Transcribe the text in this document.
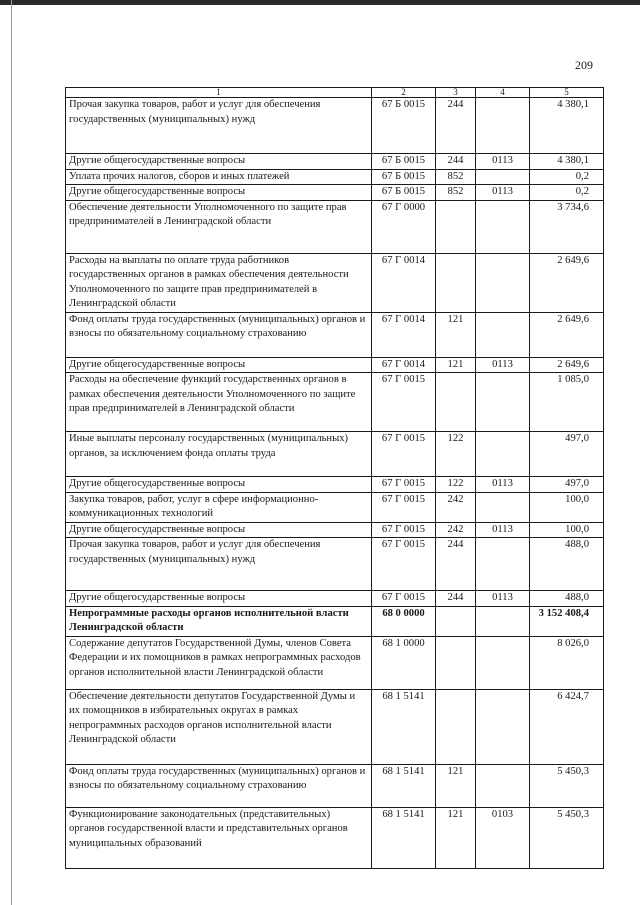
209
1	2	3	4	5
Прочая закупка товаров, работ и услуг для обеспечения государственных (муниципальных) нужд	67 Б 0015	244		4 380,1
Другие общегосударственные вопросы	67 Б 0015	244	0113	4 380,1
Уплата прочих налогов, сборов и иных платежей	67 Б 0015	852		0,2
Другие общегосударственные вопросы	67 Б 0015	852	0113	0,2
Обеспечение деятельности Уполномоченного по защите прав предпринимателей в Ленинградской области	67 Г 0000			3 734,6
Расходы на выплаты по оплате труда работников государственных органов в рамках обеспечения деятельности Уполномоченного по защите прав предпринимателей в Ленинградской области	67 Г 0014			2 649,6
Фонд оплаты труда государственных (муниципальных) органов и взносы по обязательному социальному страхованию	67 Г 0014	121		2 649,6
Другие общегосударственные вопросы	67 Г 0014	121	0113	2 649,6
Расходы на обеспечение функций государственных органов в рамках обеспечения деятельности Уполномоченного по защите прав предпринимателей в Ленинградской области	67 Г 0015			1 085,0
Иные выплаты персоналу государственных (муниципальных) органов, за исключением фонда оплаты труда	67 Г 0015	122		497,0
Другие общегосударственные вопросы	67 Г 0015	122	0113	497,0
Закупка товаров, работ, услуг в сфере информационно-коммуникационных технологий	67 Г 0015	242		100,0
Другие общегосударственные вопросы	67 Г 0015	242	0113	100,0
Прочая закупка товаров, работ и услуг для обеспечения государственных (муниципальных) нужд	67 Г 0015	244		488,0
Другие общегосударственные вопросы	67 Г 0015	244	0113	488,0
Непрограммные расходы органов исполнительной власти Ленинградской области	68 0 0000			3 152 408,4
Содержание депутатов Государственной Думы, членов Совета Федерации и их помощников в рамках непрограммных расходов органов исполнительной власти Ленинградской области	68 1 0000			8 026,0
Обеспечение деятельности депутатов Государственной Думы и их помощников в избирательных округах в рамках непрограммных расходов органов исполнительной власти Ленинградской области	68 1 5141			6 424,7
Фонд оплаты труда государственных (муниципальных) органов и взносы по обязательному социальному страхованию	68 1 5141	121		5 450,3
Функционирование законодательных (представительных) органов государственной власти и представительных органов муниципальных образований	68 1 5141	121	0103	5 450,3
